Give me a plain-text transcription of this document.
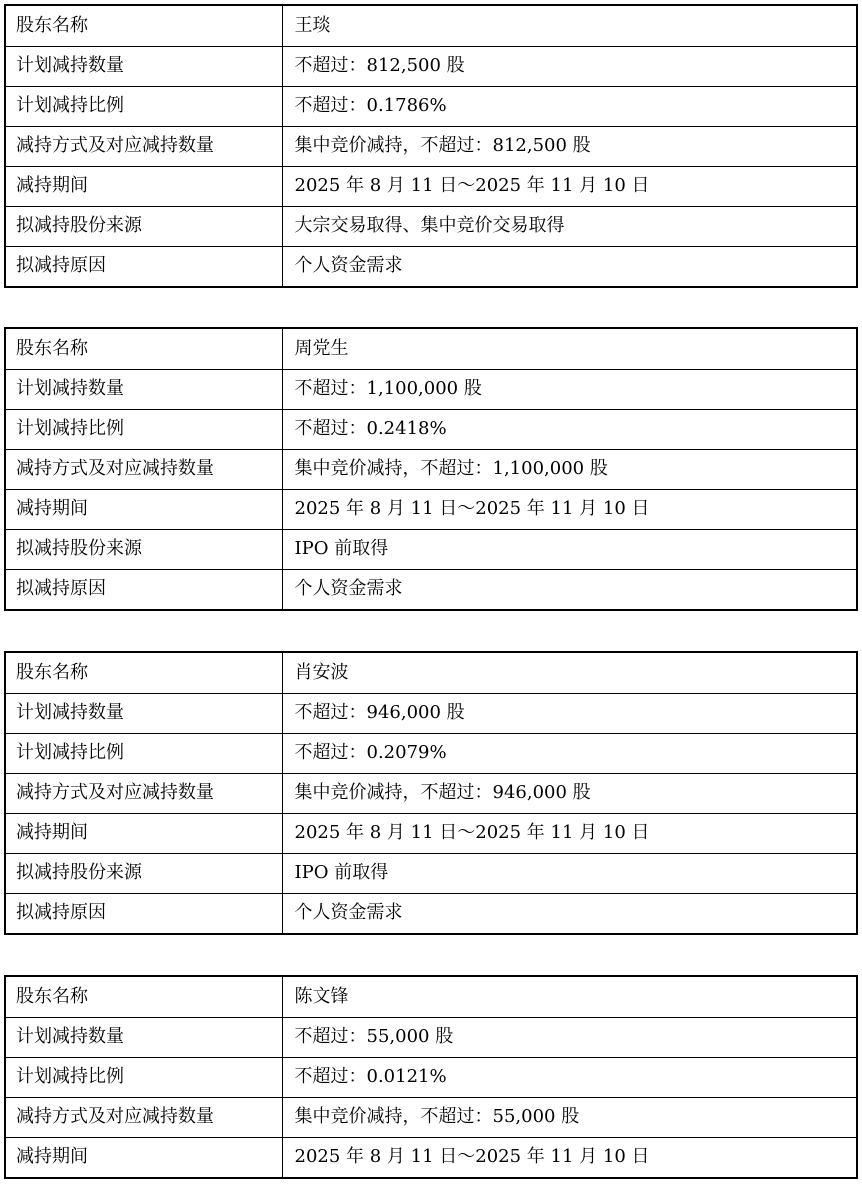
股东名称	王琰
计划减持数量	不超过：812,500 股
计划减持比例	不超过：0.1786%
减持方式及对应减持数量	集中竞价减持，不超过：812,500 股
减持期间	2025 年 8 月 11 日～2025 年 11 月 10 日
拟减持股份来源	大宗交易取得、集中竞价交易取得
拟减持原因	个人资金需求
股东名称	周党生
计划减持数量	不超过：1,100,000 股
计划减持比例	不超过：0.2418%
减持方式及对应减持数量	集中竞价减持，不超过：1,100,000 股
减持期间	2025 年 8 月 11 日～2025 年 11 月 10 日
拟减持股份来源	IPO 前取得
拟减持原因	个人资金需求
股东名称	肖安波
计划减持数量	不超过：946,000 股
计划减持比例	不超过：0.2079%
减持方式及对应减持数量	集中竞价减持，不超过：946,000 股
减持期间	2025 年 8 月 11 日～2025 年 11 月 10 日
拟减持股份来源	IPO 前取得
拟减持原因	个人资金需求
股东名称	陈文锋
计划减持数量	不超过：55,000 股
计划减持比例	不超过：0.0121%
减持方式及对应减持数量	集中竞价减持，不超过：55,000 股
减持期间	2025 年 8 月 11 日～2025 年 11 月 10 日
